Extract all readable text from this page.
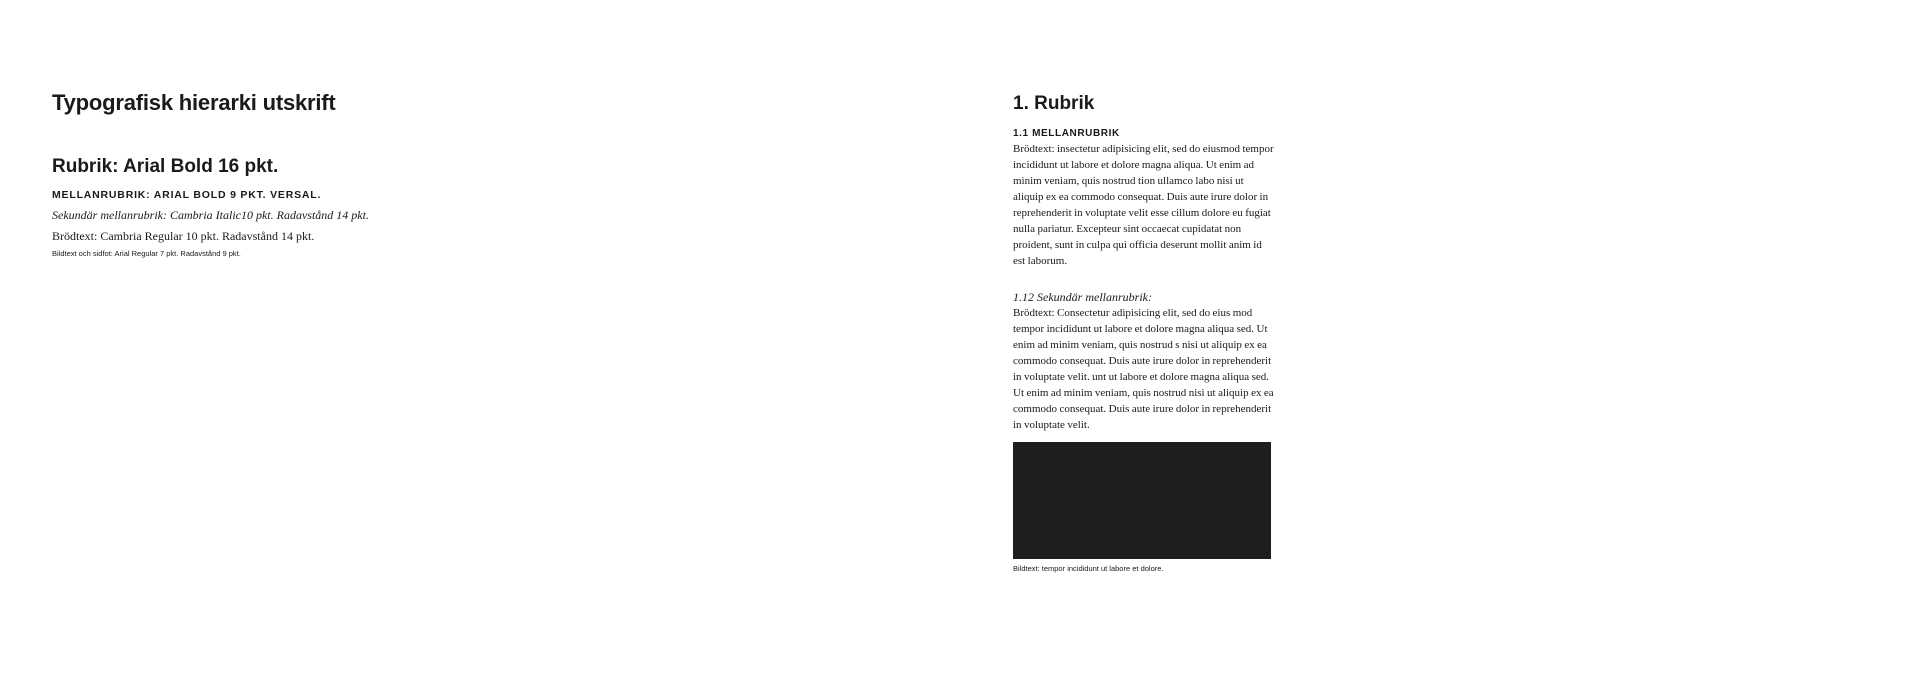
Typografisk hierarki utskrift
Rubrik: Arial Bold 16 pkt.
MELLANRUBRIK: ARIAL BOLD 9 PKT. VERSAL.
Sekundär mellanrubrik: Cambria Italic10 pkt. Radavstånd 14 pkt.
Brödtext: Cambria Regular 10 pkt. Radavstånd 14 pkt.
Bildtext och sidfot: Arial Regular 7 pkt. Radavstånd 9 pkt.
1. Rubrik
1.1 MELLANRUBRIK

Brödtext: insectetur adipisicing elit, sed do eiusmod tempor incididunt ut labore et dolore magna aliqua. Ut enim ad minim veniam, quis nostrud tion ullamco labo nisi ut aliquip ex ea commodo consequat. Duis aute irure dolor in reprehenderit in voluptate velit esse cillum dolore eu fugiat nulla pariatur. Excepteur sint occaecat cupidatat non proident, sunt in culpa qui officia deserunt mollit anim id est laborum.

1.12 Sekundär mellanrubrik:

Brödtext: Consectetur adipisicing elit, sed do eius mod tempor incididunt ut labore et dolore magna aliqua sed. Ut enim ad minim veniam, quis nostrud s nisi ut aliquip ex ea commodo consequat. Duis aute irure dolor in reprehenderit in voluptate velit. unt ut labore et dolore magna aliqua sed. Ut enim ad minim veniam, quis nostrud nisi ut aliquip ex ea commodo consequat. Duis aute irure dolor in reprehenderit in voluptate velit.

Bildtext: tempor incididunt ut labore et dolore.
